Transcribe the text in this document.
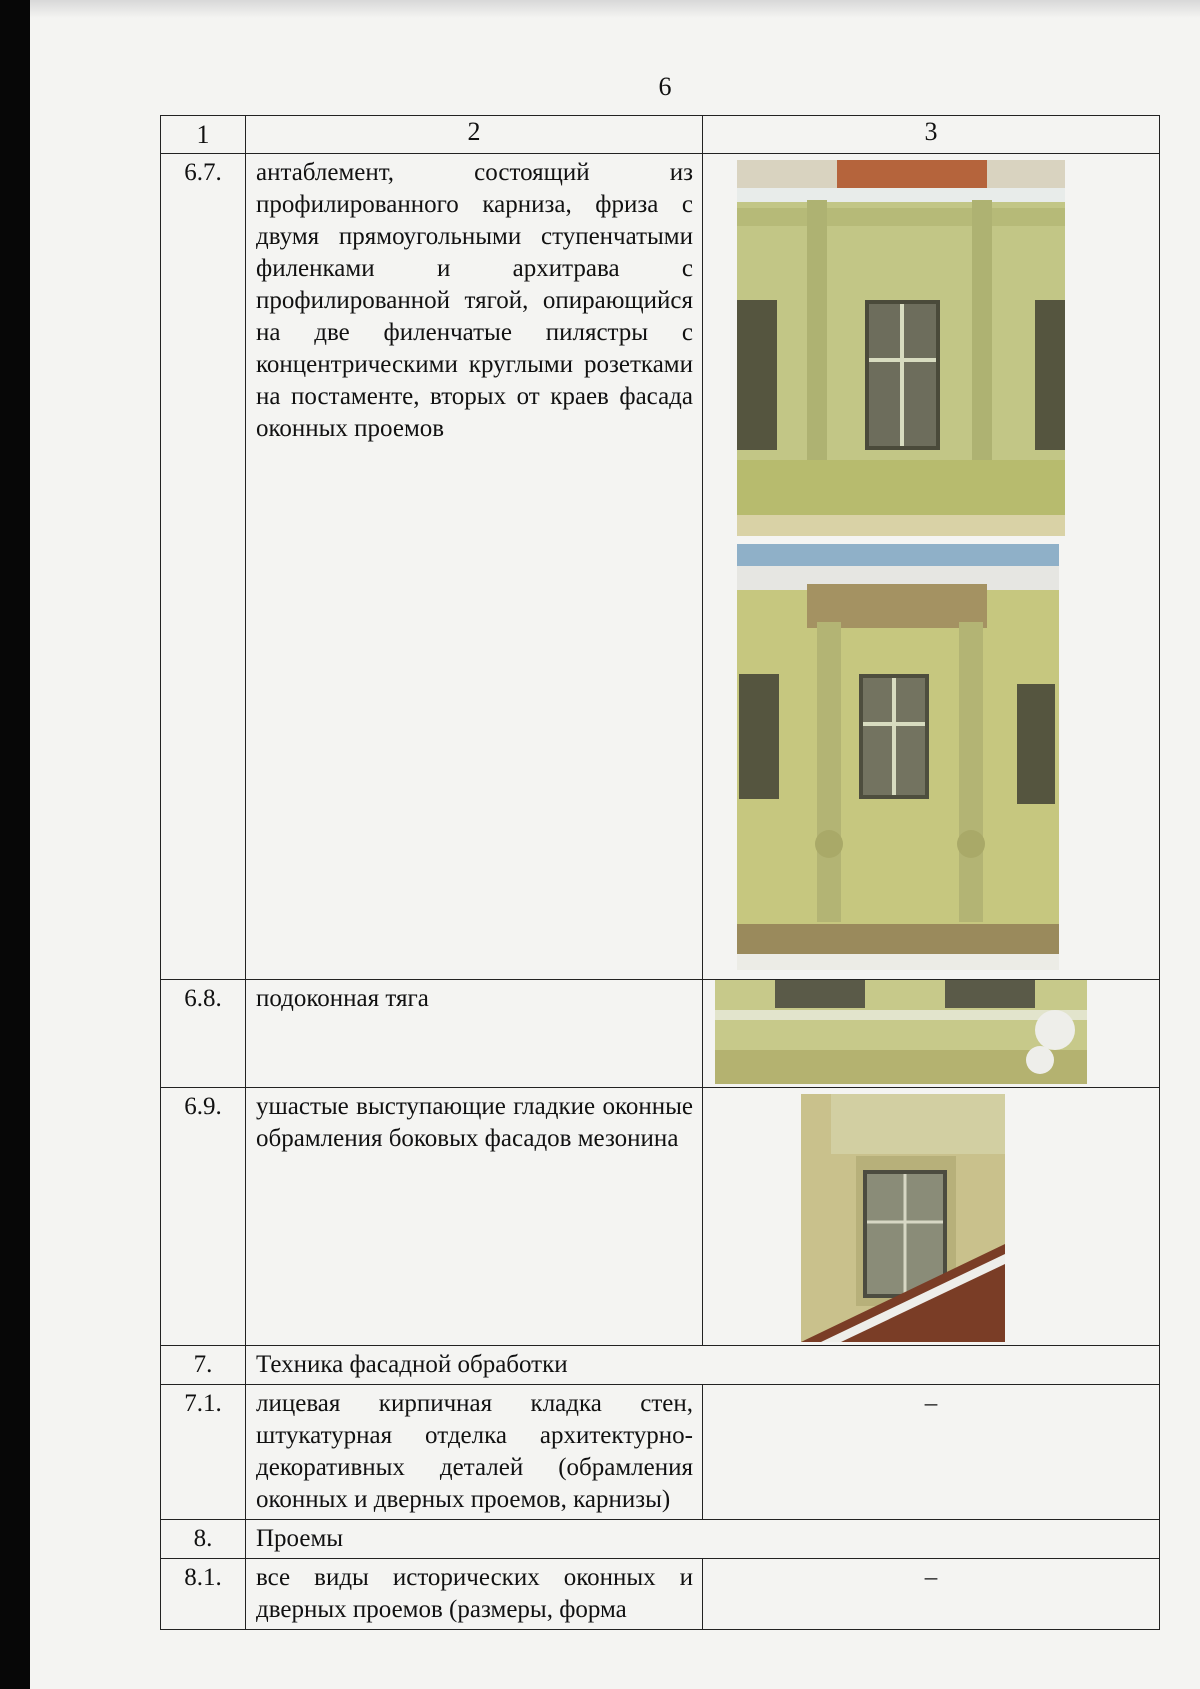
6
1	2	3
6.7.	антаблемент, состоящий из профилированного карниза, фриза с двумя прямоугольными ступенчатыми филенками и архитрава с профилированной тягой, опирающийся на две филенчатые пилястры с концентрическими круглыми розетками на постаменте, вторых от краев фасада оконных проемов	

6.8.	подоконная тяга	

6.9.	ушастые выступающие гладкие оконные обрамления боковых фасадов мезонина	

7.	Техника фасадной обработки	
7.1.	лицевая кирпичная кладка стен, штукатурная отделка архитектурно-декоративных деталей (обрамления оконных и дверных проемов, карнизы)	–

8.	Проемы	
8.1.	все виды исторических оконных и дверных проемов (размеры, форма	–
